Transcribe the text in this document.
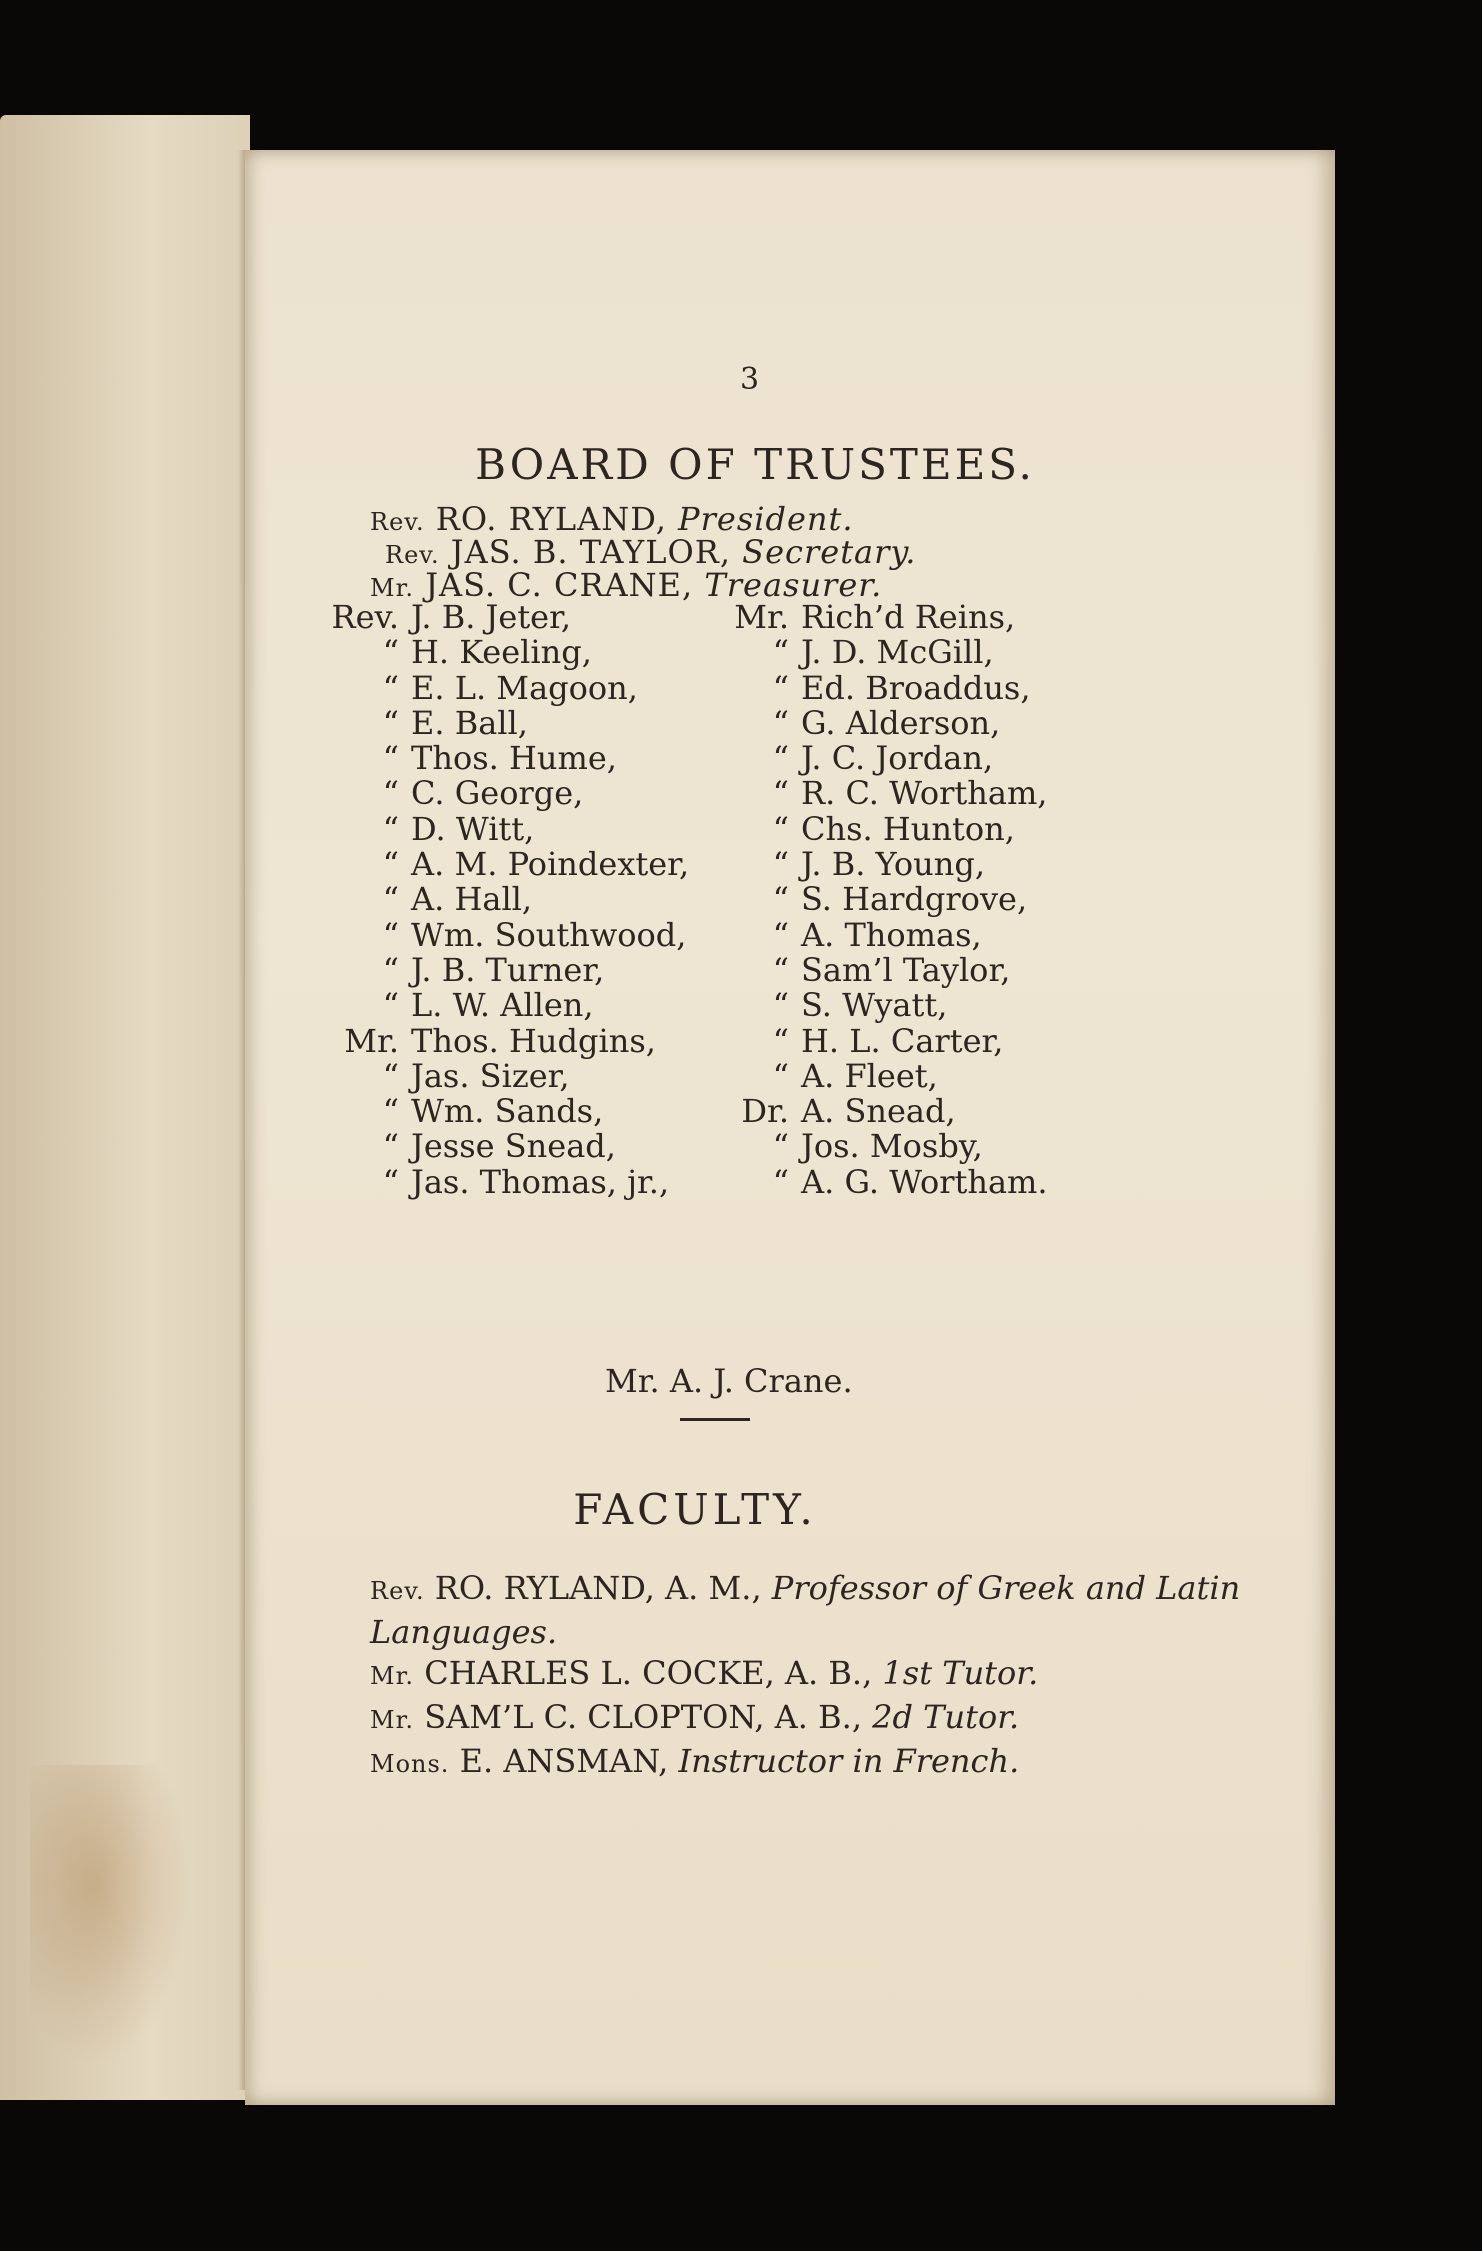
3
BOARD OF TRUSTEES.
Rev. RO. RYLAND, President.
Rev. JAS. B. TAYLOR, Secretary.
Mr. JAS. C. CRANE, Treasurer.
Rev. J. B. Jeter,
“ H. Keeling,
“ E. L. Magoon,
“ E. Ball,
“ Thos. Hume,
“ C. George,
“ D. Witt,
“ A. M. Poindexter,
“ A. Hall,
“ Wm. Southwood,
“ J. B. Turner,
“ L. W. Allen,
Mr. Thos. Hudgins,
“ Jas. Sizer,
“ Wm. Sands,
“ Jesse Snead,
“ Jas. Thomas, jr.,
Mr. Rich’d Reins,
“ J. D. McGill,
“ Ed. Broaddus,
“ G. Alderson,
“ J. C. Jordan,
“ R. C. Wortham,
“ Chs. Hunton,
“ J. B. Young,
“ S. Hardgrove,
“ A. Thomas,
“ Sam’l Taylor,
“ S. Wyatt,
“ H. L. Carter,
“ A. Fleet,
Dr. A. Snead,
“ Jos. Mosby,
“ A. G. Wortham.
Mr. A. J. Crane.
FACULTY.

Rev. RO. RYLAND, A. M., Professor of Greek and Latin Languages.

Mr. CHARLES L. COCKE, A. B., 1st Tutor.

Mr. SAM’L C. CLOPTON, A. B., 2d Tutor.

Mons. E. ANSMAN, Instructor in French.
